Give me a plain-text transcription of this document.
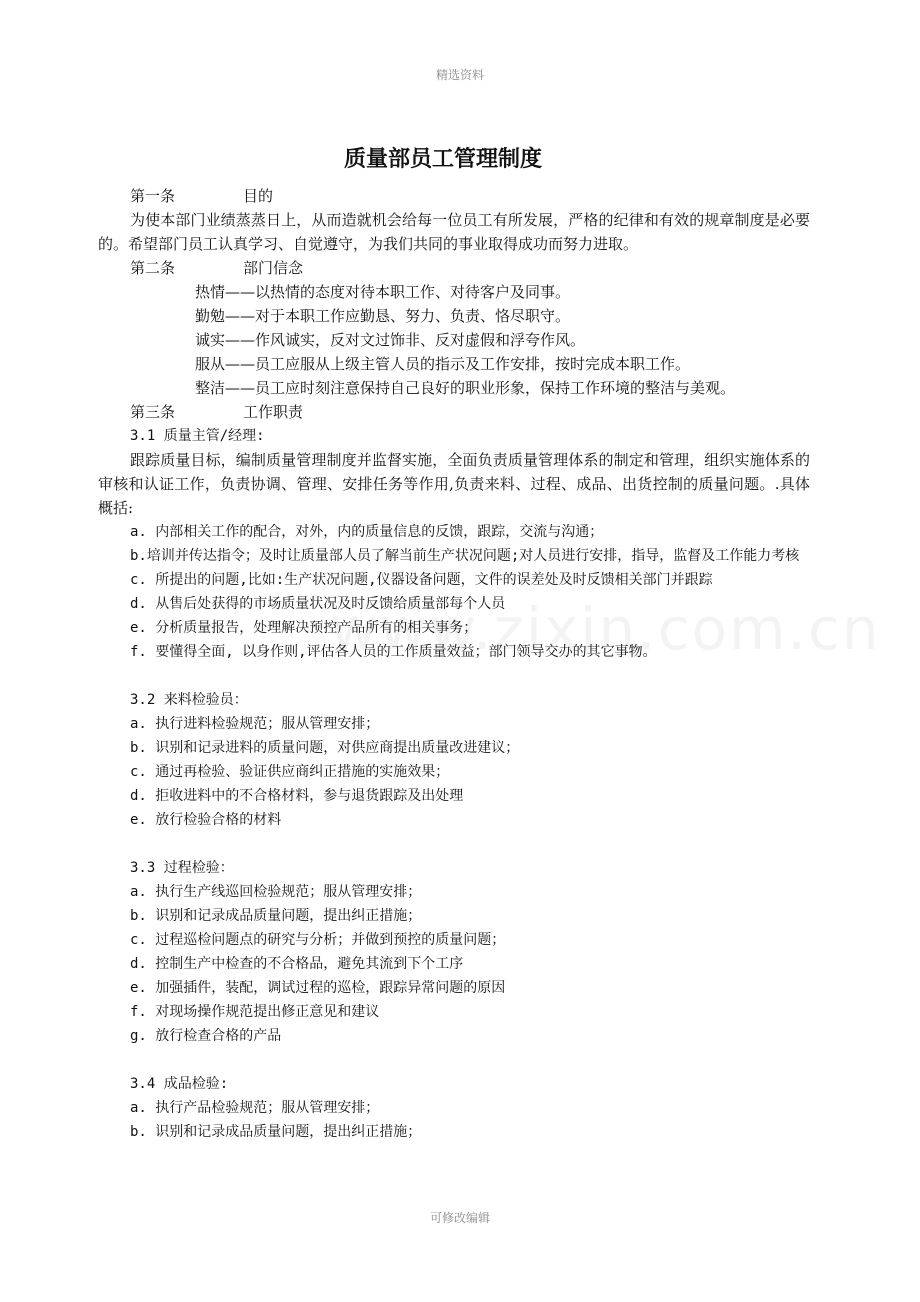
精选资料
质量部员工管理制度
第一条	目的
为使本部门业绩蒸蒸日上，从而造就机会给每一位员工有所发展，严格的纪律和有效的规章制度是必要的。希望部门员工认真学习、自觉遵守，为我们共同的事业取得成功而努力进取。
第二条	部门信念
热情——以热情的态度对待本职工作、对待客户及同事。
勤勉——对于本职工作应勤恳、努力、负责、恪尽职守。
诚实——作风诚实，反对文过饰非、反对虚假和浮夸作风。
服从——员工应服从上级主管人员的指示及工作安排，按时完成本职工作。
整洁——员工应时刻注意保持自己良好的职业形象，保持工作环境的整洁与美观。
第三条	工作职责
3.1 质量主管/经理:
跟踪质量目标，编制质量管理制度并监督实施，全面负责质量管理体系的制定和管理，组织实施体系的审核和认证工作，负责协调、管理、安排任务等作用,负责来料、过程、成品、出货控制的质量问题。.具体概括:
a. 内部相关工作的配合，对外，内的质量信息的反馈，跟踪，交流与沟通；
b.培训并传达指令；及时让质量部人员了解当前生产状况问题;对人员进行安排，指导，监督及工作能力考核
c. 所提出的问题,比如:生产状况问题,仪器设备问题，文件的误差处及时反馈相关部门并跟踪
d. 从售后处获得的市场质量状况及时反馈给质量部每个人员
e. 分析质量报告，处理解决预控产品所有的相关事务；
f. 要懂得全面, 以身作则,评估各人员的工作质量效益；部门领导交办的其它事物。
3.2 来料检验员：
a. 执行进料检验规范；服从管理安排；
b. 识别和记录进料的质量问题，对供应商提出质量改进建议；
c. 通过再检验、验证供应商纠正措施的实施效果；
d. 拒收进料中的不合格材料，参与退货跟踪及出处理
e. 放行检验合格的材料
3.3 过程检验：
a. 执行生产线巡回检验规范；服从管理安排；
b. 识别和记录成品质量问题，提出纠正措施；
c. 过程巡检问题点的研究与分析；并做到预控的质量问题；
d. 控制生产中检查的不合格品，避免其流到下个工序
e. 加强插件，装配，调试过程的巡检，跟踪异常问题的原因
f. 对现场操作规范提出修正意见和建议
g. 放行检查合格的产品
3.4 成品检验:
a. 执行产品检验规范；服从管理安排；
b. 识别和记录成品质量问题，提出纠正措施；
可修改编辑
